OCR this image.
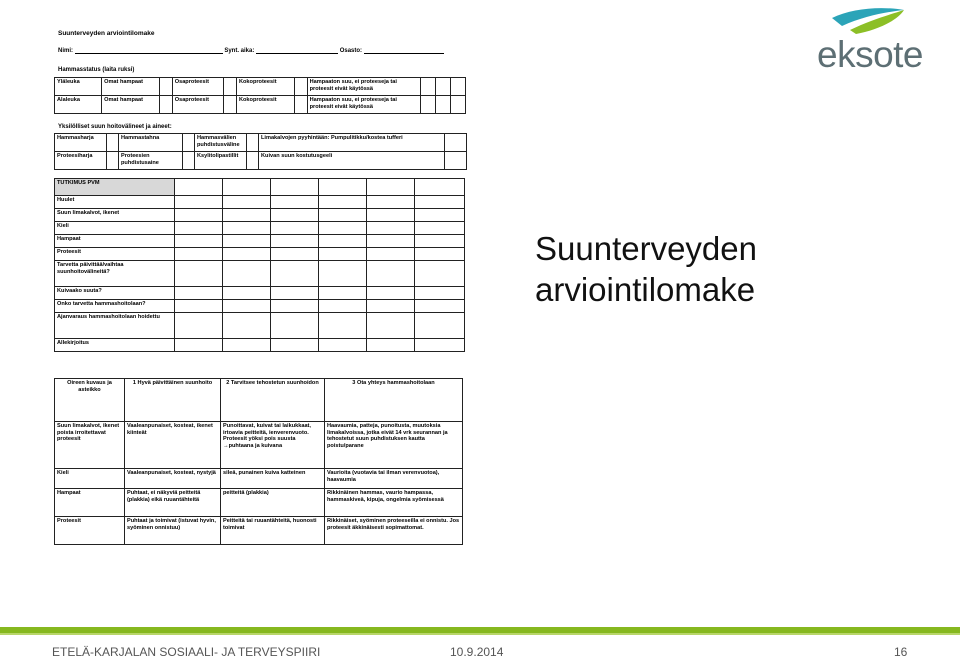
Suunterveyden arviointilomake
Nimi:	Synt. aika:	Osasto:
Hammasstatus (laita ruksi)
Yläleuka	Omat hampaat		Osaproteesit		Kokoproteesit		Hampaaton suu, ei proteeseja tai proteesit eivät käytössä			
Alaleuka	Omat hampaat		Osaproteesit		Kokoproteesit		Hampaaton suu, ei proteeseja tai proteesit eivät käytössä			
Yksilölliset suun hoitovälineet ja aineet:
Hammasharja		Hammastahna		Hammasvälien puhdistusväline		Limakalvojen pyyhintään: Pumpulitikku/kostea tufferi	
Proteesiharja		Proteesien puhdistusaine		Ksylitolipastillit		Kuivan suun kostutusgeeli	
TUTKIMUS PVM						
Huulet						
Suun limakalvot, ikenet						
Kieli						
Hampaat						
Proteesit						
Tarvetta päivittää/vaihtaa suunhoitovälineitä?						
Kuivaako suuta?						
Onko tarvetta hammashoitolaan?						
Ajanvaraus hammashoitolaan hoidettu						
Allekirjoitus						
Oireen kuvaus ja asteikko	1 Hyvä päivittäinen suunhoito	2 Tarvitsee tehostetun suunhoidon	3 Ota yhteys hammashoitolaan
Suun limakalvot, ikenet poista irroitettavat proteesit	Vaaleanpunaiset, kosteat, ikenet kiinteät	Punoittavat, kuivat tai laikukkaat, irtoavia peitteitä, ienverenvuoto. Proteesit yöksi pois suusta →puhtaana ja kuivana	Haavaumia, patteja, punoitusta, muutoksia limakalvoissa, jotka eivät 14 vrk seurannan ja tehostetut suun puhdistuksen kautta poistu/parane
Kieli	Vaaleanpunaiset, kosteat, nystyjä	sileä, punainen kuiva katteinen	Vaurioita (vuotavia tai ilman verenvuotoa), haavaumia
Hampaat	Puhtaat, ei näkyviä peitteitä (plakkia) eikä ruuantähteitä	peitteitä (plakkia)	Rikkinäinen hammas, vaurio hampassa, hammaskiveä, kipuja, ongelmia syömisessä
Proteesit	Puhtaat ja toimivat (istuvat hyvin, syöminen onnistuu)	Peitteitä tai ruuantähteitä, huonosti toimivat	Rikkinäiset, syöminen proteeseilla ei onnistu. Jos proteesit äkkinäisesti sopimattomat.
eksote
Suunterveyden
arviointilomake
ETELÄ-KARJALAN SOSIAALI- JA TERVEYSPIIRI	10.9.2014	16
